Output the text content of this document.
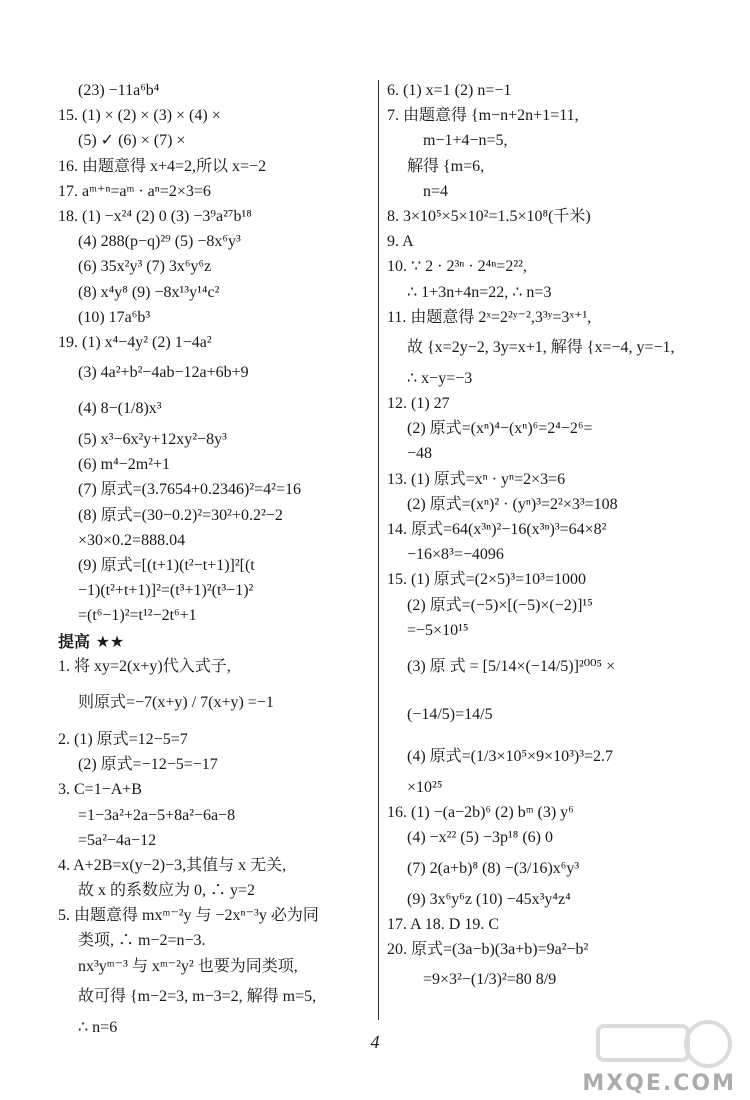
(23) −11a⁶b⁴
15. (1) × (2) × (3) × (4) ×
(5) ✓ (6) × (7) ×
16. 由题意得 x+4=2,所以 x=−2
17. aᵐ⁺ⁿ=aᵐ · aⁿ=2×3=6
18. (1) −x²⁴ (2) 0 (3) −3⁹a²⁷b¹⁸
(4) 288(p−q)²⁹ (5) −8x⁶y³
(6) 35x²y³ (7) 3x⁶y⁶z
(8) x⁴y⁸ (9) −8x¹³y¹⁴c²
(10) 17a⁶b³
19. (1) x⁴−4y² (2) 1−4a²
(3) 4a²+b²−4ab−12a+6b+9
(4) 8−(1/8)x³
(5) x³−6x²y+12xy²−8y³
(6) m⁴−2m²+1
(7) 原式=(3.7654+0.2346)²=4²=16
(8) 原式=(30−0.2)²=30²+0.2²−2
×30×0.2=888.04
(9) 原式=[(t+1)(t²−t+1)]²[(t
−1)(t²+t+1)]²=(t³+1)²(t³−1)²
=(t⁶−1)²=t¹²−2t⁶+1
提高 ★★
1. 将 xy=2(x+y)代入式子,
则原式=−7(x+y) / 7(x+y) =−1
2. (1) 原式=12−5=7
(2) 原式=−12−5=−17
3. C=1−A+B
=1−3a²+2a−5+8a²−6a−8
=5a²−4a−12
4. A+2B=x(y−2)−3,其值与 x 无关,
故 x 的系数应为 0, ∴ y=2
5. 由题意得 mxᵐ⁻²y 与 −2xⁿ⁻³y 必为同
类项, ∴ m−2=n−3.
nx³yᵐ⁻³ 与 xᵐ⁻²y² 也要为同类项,
故可得 {m−2=3, m−3=2, 解得 m=5,
∴ n=6
6. (1) x=1 (2) n=−1
7. 由题意得 {m−n+2n+1=11,
m−1+4−n=5,
解得 {m=6,
n=4
8. 3×10⁵×5×10²=1.5×10⁸(千米)
9. A
10. ∵ 2 · 2³ⁿ · 2⁴ⁿ=2²²,
∴ 1+3n+4n=22, ∴ n=3
11. 由题意得 2ˣ=2²ʸ⁻²,3³ʸ=3ˣ⁺¹,
故 {x=2y−2, 3y=x+1, 解得 {x=−4, y=−1,
∴ x−y=−3
12. (1) 27
(2) 原式=(xⁿ)⁴−(xⁿ)⁶=2⁴−2⁶=
−48
13. (1) 原式=xⁿ · yⁿ=2×3=6
(2) 原式=(xⁿ)² · (yⁿ)³=2²×3³=108
14. 原式=64(x³ⁿ)²−16(x³ⁿ)³=64×8²
−16×8³=−4096
15. (1) 原式=(2×5)³=10³=1000
(2) 原式=(−5)×[(−5)×(−2)]¹⁵
=−5×10¹⁵
(3) 原 式 = [5/14×(−14/5)]²⁰⁰⁵ ×
(−14/5)=14/5
(4) 原式=(1/3×10⁵×9×10³)³=2.7
×10²⁵
16. (1) −(a−2b)⁶ (2) bᵐ (3) y⁶
(4) −x²² (5) −3p¹⁸ (6) 0
(7) 2(a+b)⁸ (8) −(3/16)x⁶y³
(9) 3x⁶y⁶z (10) −45x³y⁴z⁴
17. A 18. D 19. C
20. 原式=(3a−b)(3a+b)=9a²−b²
=9×3²−(1/3)²=80 8/9
4
MXQE.COM
